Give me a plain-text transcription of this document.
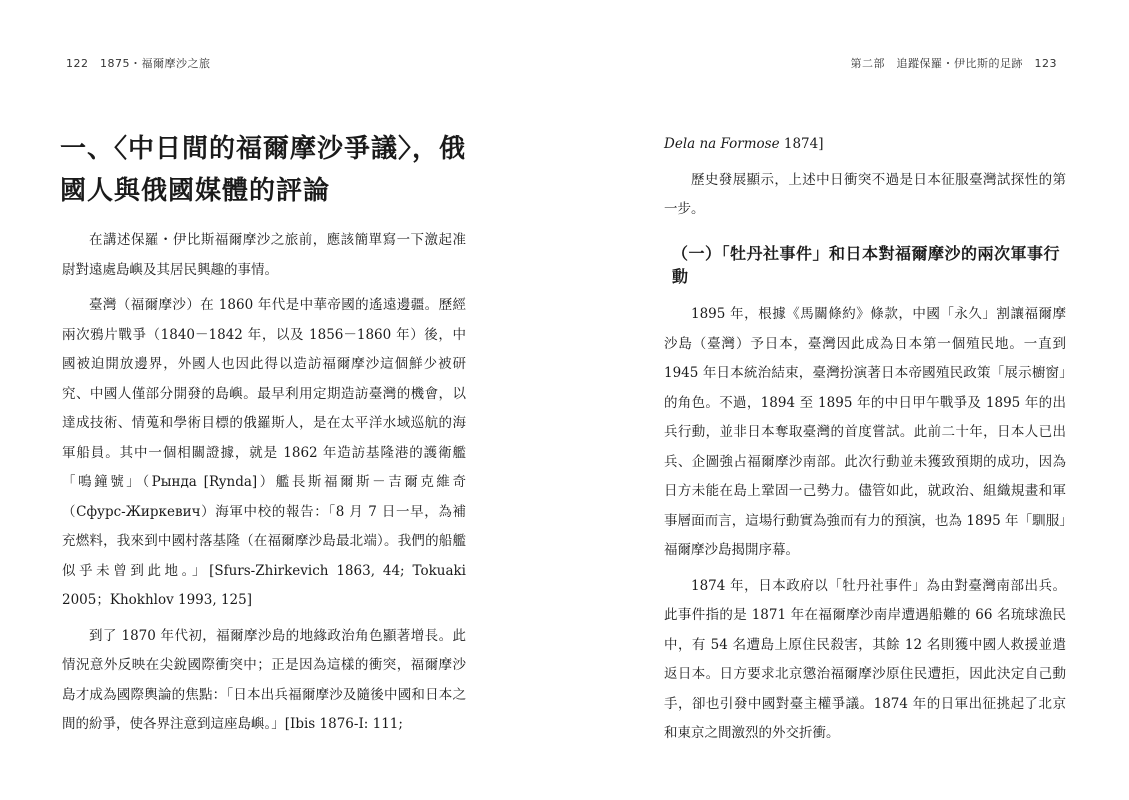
122　1875・福爾摩沙之旅
一、〈中日間的福爾摩沙爭議〉，俄國人與俄國媒體的評論

在講述保羅・伊比斯福爾摩沙之旅前，應該簡單寫一下激起准尉對遠處島嶼及其居民興趣的事情。

臺灣（福爾摩沙）在 1860 年代是中華帝國的遙遠邊疆。歷經兩次鴉片戰爭（1840－1842 年，以及 1856－1860 年）後，中國被迫開放邊界，外國人也因此得以造訪福爾摩沙這個鮮少被研究、中國人僅部分開發的島嶼。最早利用定期造訪臺灣的機會，以達成技術、情蒐和學術目標的俄羅斯人，是在太平洋水域巡航的海軍船員。其中一個相關證據，就是 1862 年造訪基隆港的護衛艦「鳴鐘號」（Рында [Rynda]）艦長斯福爾斯－吉爾克維奇（Сфурс-Жиркевич）海軍中校的報告：「8 月 7 日一早，為補充燃料，我來到中國村落基隆（在福爾摩沙島最北端）。我們的船艦似乎未曾到此地。」[Sfurs-Zhirkevich 1863, 44; Tokuaki 2005；Khokhlov 1993, 125]

到了 1870 年代初，福爾摩沙島的地緣政治角色顯著增長。此情況意外反映在尖銳國際衝突中；正是因為這樣的衝突，福爾摩沙島才成為國際輿論的焦點：「日本出兵福爾摩沙及隨後中國和日本之間的紛爭，使各界注意到這座島嶼。」[Ibis 1876-I: 111;

第二部　追蹤保羅・伊比斯的足跡　123

Dela na Formose 1874]

歷史發展顯示，上述中日衝突不過是日本征服臺灣試探性的第一步。

（一）「牡丹社事件」和日本對福爾摩沙的兩次軍事行動

1895 年，根據《馬關條約》條款，中國「永久」割讓福爾摩沙島（臺灣）予日本，臺灣因此成為日本第一個殖民地。一直到 1945 年日本統治結束，臺灣扮演著日本帝國殖民政策「展示櫥窗」的角色。不過，1894 至 1895 年的中日甲午戰爭及 1895 年的出兵行動，並非日本奪取臺灣的首度嘗試。此前二十年，日本人已出兵、企圖強占福爾摩沙南部。此次行動並未獲致預期的成功，因為日方未能在島上鞏固一己勢力。儘管如此，就政治、組織規畫和軍事層面而言，這場行動實為強而有力的預演，也為 1895 年「馴服」福爾摩沙島揭開序幕。

1874 年，日本政府以「牡丹社事件」為由對臺灣南部出兵。此事件指的是 1871 年在福爾摩沙南岸遭遇船難的 66 名琉球漁民中，有 54 名遭島上原住民殺害，其餘 12 名則獲中國人救援並遣返日本。日方要求北京懲治福爾摩沙原住民遭拒，因此決定自己動手，卻也引發中國對臺主權爭議。1874 年的日軍出征挑起了北京和東京之間激烈的外交折衝。
